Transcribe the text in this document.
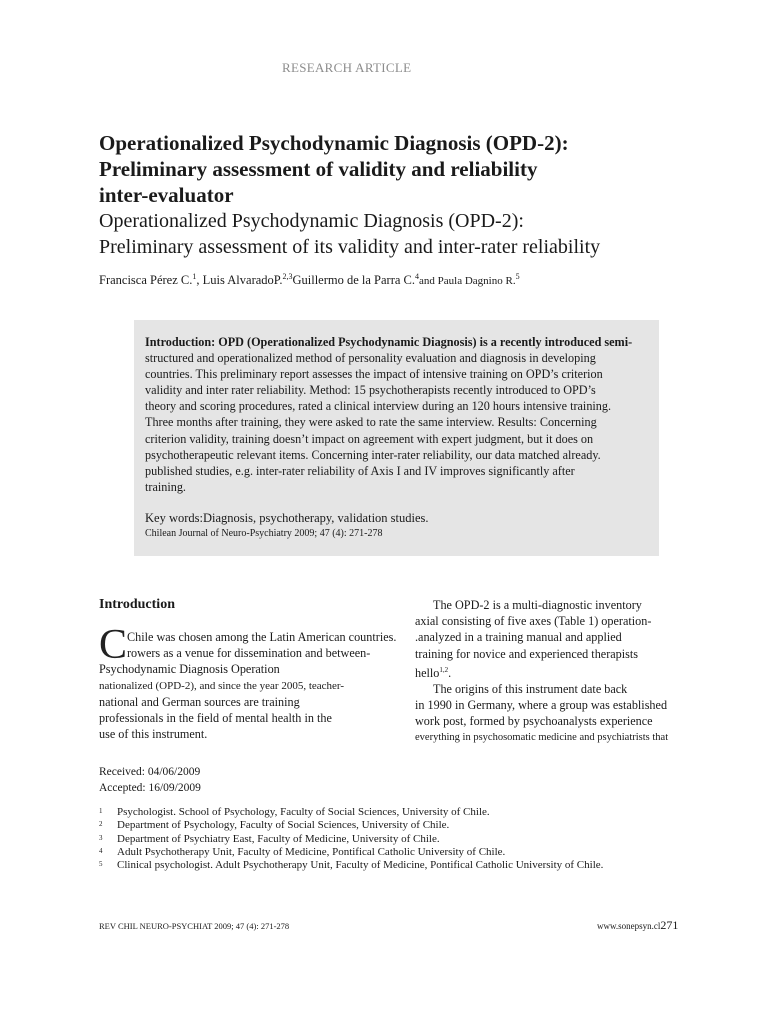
RESEARCH ARTICLE
Operationalized Psychodynamic Diagnosis (OPD-2):
Preliminary assessment of validity and reliability
inter-evaluator
Operationalized Psychodynamic Diagnosis (OPD-2):
Preliminary assessment of its validity and inter-rater reliability
Francisca Pérez C.$^1$, Luis AlvaradoP.$^{2,3}$Guillermo de la Parra C.$^4$and Paula Dagnino R.$^5$
Introduction: OPD (Operationalized Psychodynamic Diagnosis) is a recently introduced semi-
structured and operationalized method of personality evaluation and diagnosis in developing
countries. This preliminary report assesses the impact of intensive training on OPD’s criterion
validity and inter rater reliability. Method: 15 psychotherapists recently introduced to OPD’s
theory and scoring procedures, rated a clinical interview during an 120 hours intensive training.
Three months after training, they were asked to rate the same interview. Results: Concerning
criterion validity, training doesn’t impact on agreement with expert judgment, but it does on
psychotherapeutic relevant items. Concerning inter-rater reliability, our data matched already.
published studies, e.g. inter-rater reliability of Axis I and IV improves significantly after
training.
Key words:Diagnosis, psychotherapy, validation studies.
Chilean Journal of Neuro-Psychiatry 2009; 47 (4): 271-278
Introduction
C Chile was chosen among the Latin American countries.
rowers as a venue for dissemination and between-
Psychodynamic Diagnosis Operation
nationalized (OPD-2), and since the year 2005, teacher-
national and German sources are training
professionals in the field of mental health in the
use of this instrument.
The OPD-2 is a multi-diagnostic inventory
axial consisting of five axes (Table 1) operation-
.analyzed in a training manual and applied
training for novice and experienced therapists
hello$^{1,2}$.
The origins of this instrument date back
in 1990 in Germany, where a group was established
work post, formed by psychoanalysts experience
everything in psychosomatic medicine and psychiatrists that
Received: 04/06/2009
Accepted: 16/09/2009
1	Psychologist. School of Psychology, Faculty of Social Sciences, University of Chile.
2	Department of Psychology, Faculty of Social Sciences, University of Chile.
3	Department of Psychiatry East, Faculty of Medicine, University of Chile.
4	Adult Psychotherapy Unit, Faculty of Medicine, Pontifical Catholic University of Chile.
5	Clinical psychologist. Adult Psychotherapy Unit, Faculty of Medicine, Pontifical Catholic University of Chile.
REV CHIL NEURO-PSYCHIAT 2009; 47 (4): 271-278	www.sonepsyn.cl271
